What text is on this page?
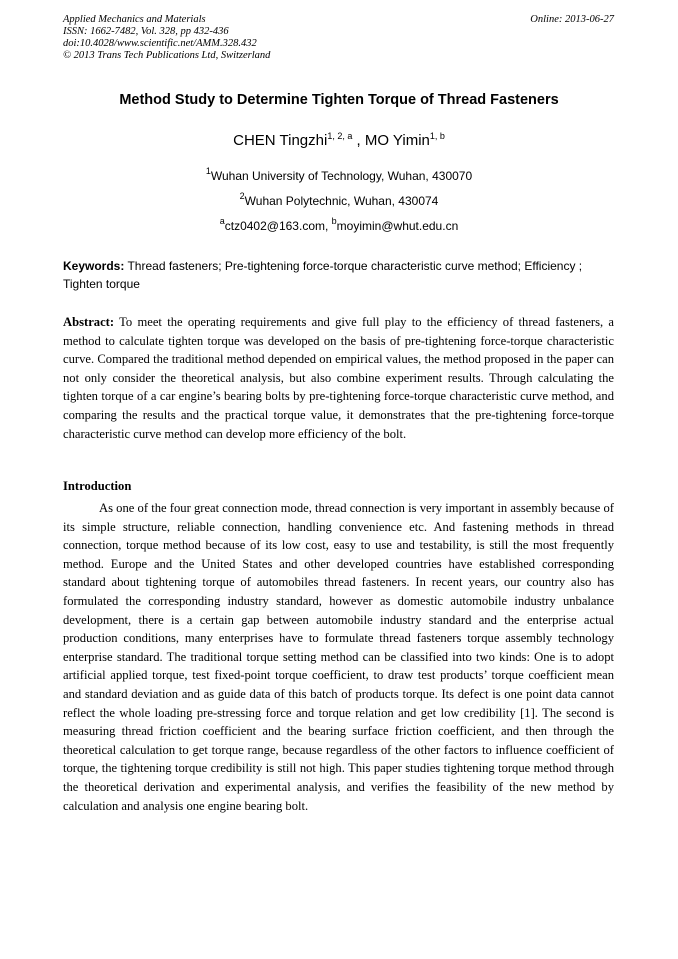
Applied Mechanics and Materials
ISSN: 1662-7482, Vol. 328, pp 432-436
doi:10.4028/www.scientific.net/AMM.328.432
© 2013 Trans Tech Publications Ltd, Switzerland
Online: 2013-06-27
Method Study to Determine Tighten Torque of Thread Fasteners
CHEN Tingzhi$^{1, 2, a}$ , MO Yimin$^{1, b}$
$^1$Wuhan University of Technology, Wuhan, 430070
$^2$Wuhan Polytechnic, Wuhan, 430074
$^a$ctz0402@163.com, $^b$moyimin@whut.edu.cn
Keywords: Thread fasteners; Pre-tightening force-torque characteristic curve method; Efficiency ; Tighten torque
Abstract: To meet the operating requirements and give full play to the efficiency of thread fasteners, a method to calculate tighten torque was developed on the basis of pre-tightening force-torque characteristic curve. Compared the traditional method depended on empirical values, the method proposed in the paper can not only consider the theoretical analysis, but also combine experiment results. Through calculating the tighten torque of a car engine’s bearing bolts by pre-tightening force-torque characteristic curve method, and comparing the results and the practical torque value, it demonstrates that the pre-tightening force-torque characteristic curve method can develop more efficiency of the bolt.
Introduction
As one of the four great connection mode, thread connection is very important in assembly because of its simple structure, reliable connection, handling convenience etc. And fastening methods in thread connection, torque method because of its low cost, easy to use and testability, is still the most frequently method. Europe and the United States and other developed countries have established corresponding standard about tightening torque of automobiles thread fasteners. In recent years, our country also has formulated the corresponding industry standard, however as domestic automobile industry unbalance development, there is a certain gap between automobile industry standard and the enterprise actual production conditions, many enterprises have to formulate thread fasteners torque assembly technology enterprise standard. The traditional torque setting method can be classified into two kinds: One is to adopt artificial applied torque, test fixed-point torque coefficient, to draw test products’ torque coefficient mean and standard deviation and as guide data of this batch of products torque. Its defect is one point data cannot reflect the whole loading pre-stressing force and torque relation and get low credibility [1]. The second is measuring thread friction coefficient and the bearing surface friction coefficient, and then through the theoretical calculation to get torque range, because regardless of the other factors to influence coefficient of torque, the tightening torque credibility is still not high. This paper studies tightening torque method through the theoretical derivation and experimental analysis, and verifies the feasibility of the new method by calculation and analysis one engine bearing bolt.
